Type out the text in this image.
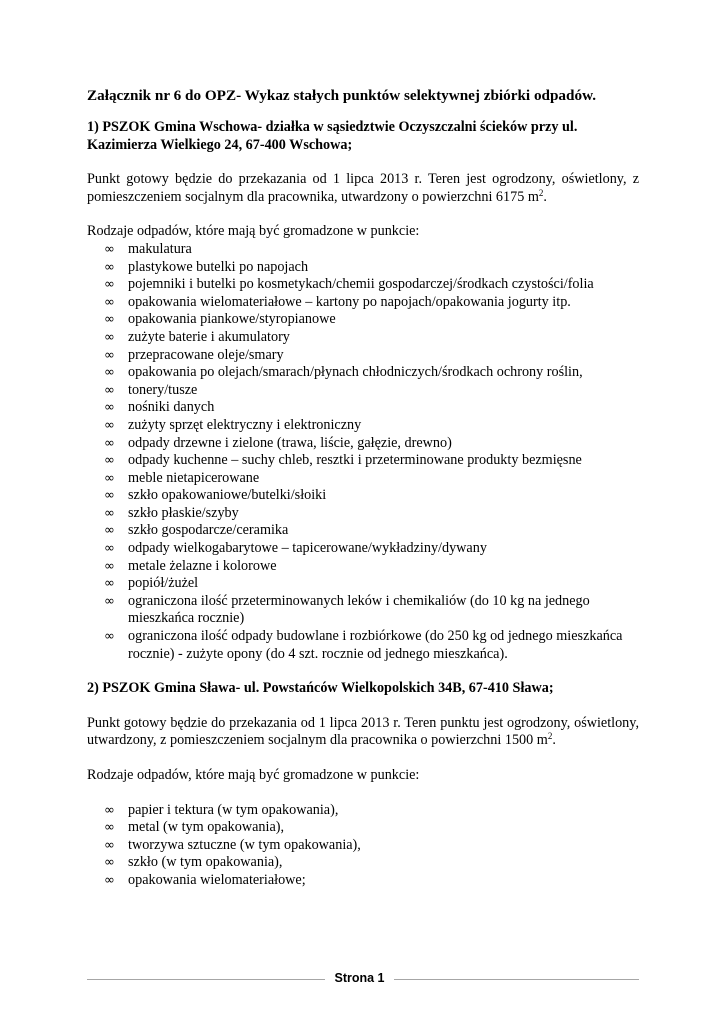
Załącznik nr 6 do OPZ- Wykaz stałych punktów selektywnej zbiórki odpadów.
1) PSZOK Gmina Wschowa- działka w sąsiedztwie Oczyszczalni ścieków przy ul. Kazimierza Wielkiego 24, 67-400 Wschowa;

Punkt gotowy będzie do przekazania od 1 lipca 2013 r. Teren jest ogrodzony, oświetlony, z pomieszczeniem socjalnym dla pracownika, utwardzony o powierzchni 6175 $m^2$.

Rodzaje odpadów, które mają być gromadzone w punkcie:

∞ makulatura
∞ plastykowe butelki po napojach
∞ pojemniki i butelki po kosmetykach/chemii gospodarczej/środkach czystości/folia
∞ opakowania wielomateriałowe – kartony po napojach/opakowania jogurty itp.
∞ opakowania piankowe/styropianowe
∞ zużyte baterie i akumulatory
∞ przepracowane oleje/smary
∞ opakowania po olejach/smarach/płynach chłodniczych/środkach ochrony roślin,
∞ tonery/tusze
∞ nośniki danych
∞ zużyty sprzęt elektryczny i elektroniczny
∞ odpady drzewne i zielone (trawa, liście, gałęzie, drewno)
∞ odpady kuchenne – suchy chleb, resztki i przeterminowane produkty bezmięsne
∞ meble nietapicerowane
∞ szkło opakowaniowe/butelki/słoiki
∞ szkło płaskie/szyby
∞ szkło gospodarcze/ceramika
∞ odpady wielkogabarytowe – tapicerowane/wykładziny/dywany
∞ metale żelazne i kolorowe
∞ popiół/żużel
∞ ograniczona ilość przeterminowanych leków i chemikaliów (do 10 kg na jednego mieszkańca rocznie)
∞ ograniczona ilość odpady budowlane i rozbiórkowe (do 250 kg od jednego mieszkańca rocznie) - zużyte opony (do 4 szt. rocznie od jednego mieszkańca).
2) PSZOK Gmina Sława- ul. Powstańców Wielkopolskich 34B, 67-410 Sława;

Punkt gotowy będzie do przekazania od 1 lipca 2013 r. Teren punktu jest ogrodzony, oświetlony, utwardzony, z pomieszczeniem socjalnym dla pracownika o powierzchni 1500 $m^2$.

Rodzaje odpadów, które mają być gromadzone w punkcie:

∞ papier i tektura (w tym opakowania),
∞ metal (w tym opakowania),
∞ tworzywa sztuczne (w tym opakowania),
∞ szkło (w tym opakowania),
∞ opakowania wielomateriałowe;
Strona 1
